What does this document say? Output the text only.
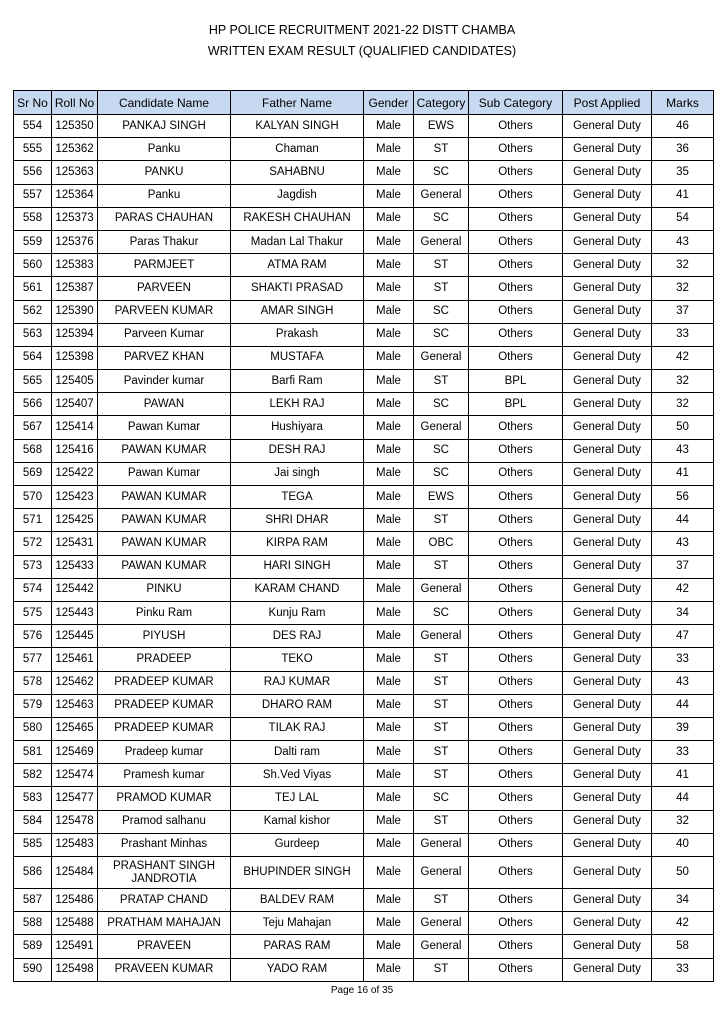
HP POLICE RECRUITMENT 2021-22 DISTT CHAMBA
WRITTEN EXAM RESULT (QUALIFIED CANDIDATES)
Sr No	Roll No	Candidate Name	Father Name	Gender	Category	Sub Category	Post Applied	Marks
554	125350	PANKAJ SINGH	KALYAN SINGH	Male	EWS	Others	General Duty	46
555	125362	Panku	Chaman	Male	ST	Others	General Duty	36
556	125363	PANKU	SAHABNU	Male	SC	Others	General Duty	35
557	125364	Panku	Jagdish	Male	General	Others	General Duty	41
558	125373	PARAS CHAUHAN	RAKESH CHAUHAN	Male	SC	Others	General Duty	54
559	125376	Paras Thakur	Madan Lal Thakur	Male	General	Others	General Duty	43
560	125383	PARMJEET	ATMA RAM	Male	ST	Others	General Duty	32
561	125387	PARVEEN	SHAKTI PRASAD	Male	ST	Others	General Duty	32
562	125390	PARVEEN KUMAR	AMAR SINGH	Male	SC	Others	General Duty	37
563	125394	Parveen Kumar	Prakash	Male	SC	Others	General Duty	33
564	125398	PARVEZ KHAN	MUSTAFA	Male	General	Others	General Duty	42
565	125405	Pavinder kumar	Barfi Ram	Male	ST	BPL	General Duty	32
566	125407	PAWAN	LEKH RAJ	Male	SC	BPL	General Duty	32
567	125414	Pawan Kumar	Hushiyara	Male	General	Others	General Duty	50
568	125416	PAWAN KUMAR	DESH RAJ	Male	SC	Others	General Duty	43
569	125422	Pawan Kumar	Jai singh	Male	SC	Others	General Duty	41
570	125423	PAWAN KUMAR	TEGA	Male	EWS	Others	General Duty	56
571	125425	PAWAN KUMAR	SHRI DHAR	Male	ST	Others	General Duty	44
572	125431	PAWAN KUMAR	KIRPA RAM	Male	OBC	Others	General Duty	43
573	125433	PAWAN KUMAR	HARI SINGH	Male	ST	Others	General Duty	37
574	125442	PINKU	KARAM CHAND	Male	General	Others	General Duty	42
575	125443	Pinku Ram	Kunju Ram	Male	SC	Others	General Duty	34
576	125445	PIYUSH	DES RAJ	Male	General	Others	General Duty	47
577	125461	PRADEEP	TEKO	Male	ST	Others	General Duty	33
578	125462	PRADEEP KUMAR	RAJ KUMAR	Male	ST	Others	General Duty	43
579	125463	PRADEEP KUMAR	DHARO RAM	Male	ST	Others	General Duty	44
580	125465	PRADEEP KUMAR	TILAK RAJ	Male	ST	Others	General Duty	39
581	125469	Pradeep kumar	Dalti ram	Male	ST	Others	General Duty	33
582	125474	Pramesh kumar	Sh.Ved Viyas	Male	ST	Others	General Duty	41
583	125477	PRAMOD KUMAR	TEJ LAL	Male	SC	Others	General Duty	44
584	125478	Pramod salhanu	Kamal kishor	Male	ST	Others	General Duty	32
585	125483	Prashant Minhas	Gurdeep	Male	General	Others	General Duty	40
586	125484	PRASHANT SINGH JANDROTIA	BHUPINDER SINGH	Male	General	Others	General Duty	50
587	125486	PRATAP CHAND	BALDEV RAM	Male	ST	Others	General Duty	34
588	125488	PRATHAM MAHAJAN	Teju Mahajan	Male	General	Others	General Duty	42
589	125491	PRAVEEN	PARAS RAM	Male	General	Others	General Duty	58
590	125498	PRAVEEN KUMAR	YADO RAM	Male	ST	Others	General Duty	33
Page 16 of 35
